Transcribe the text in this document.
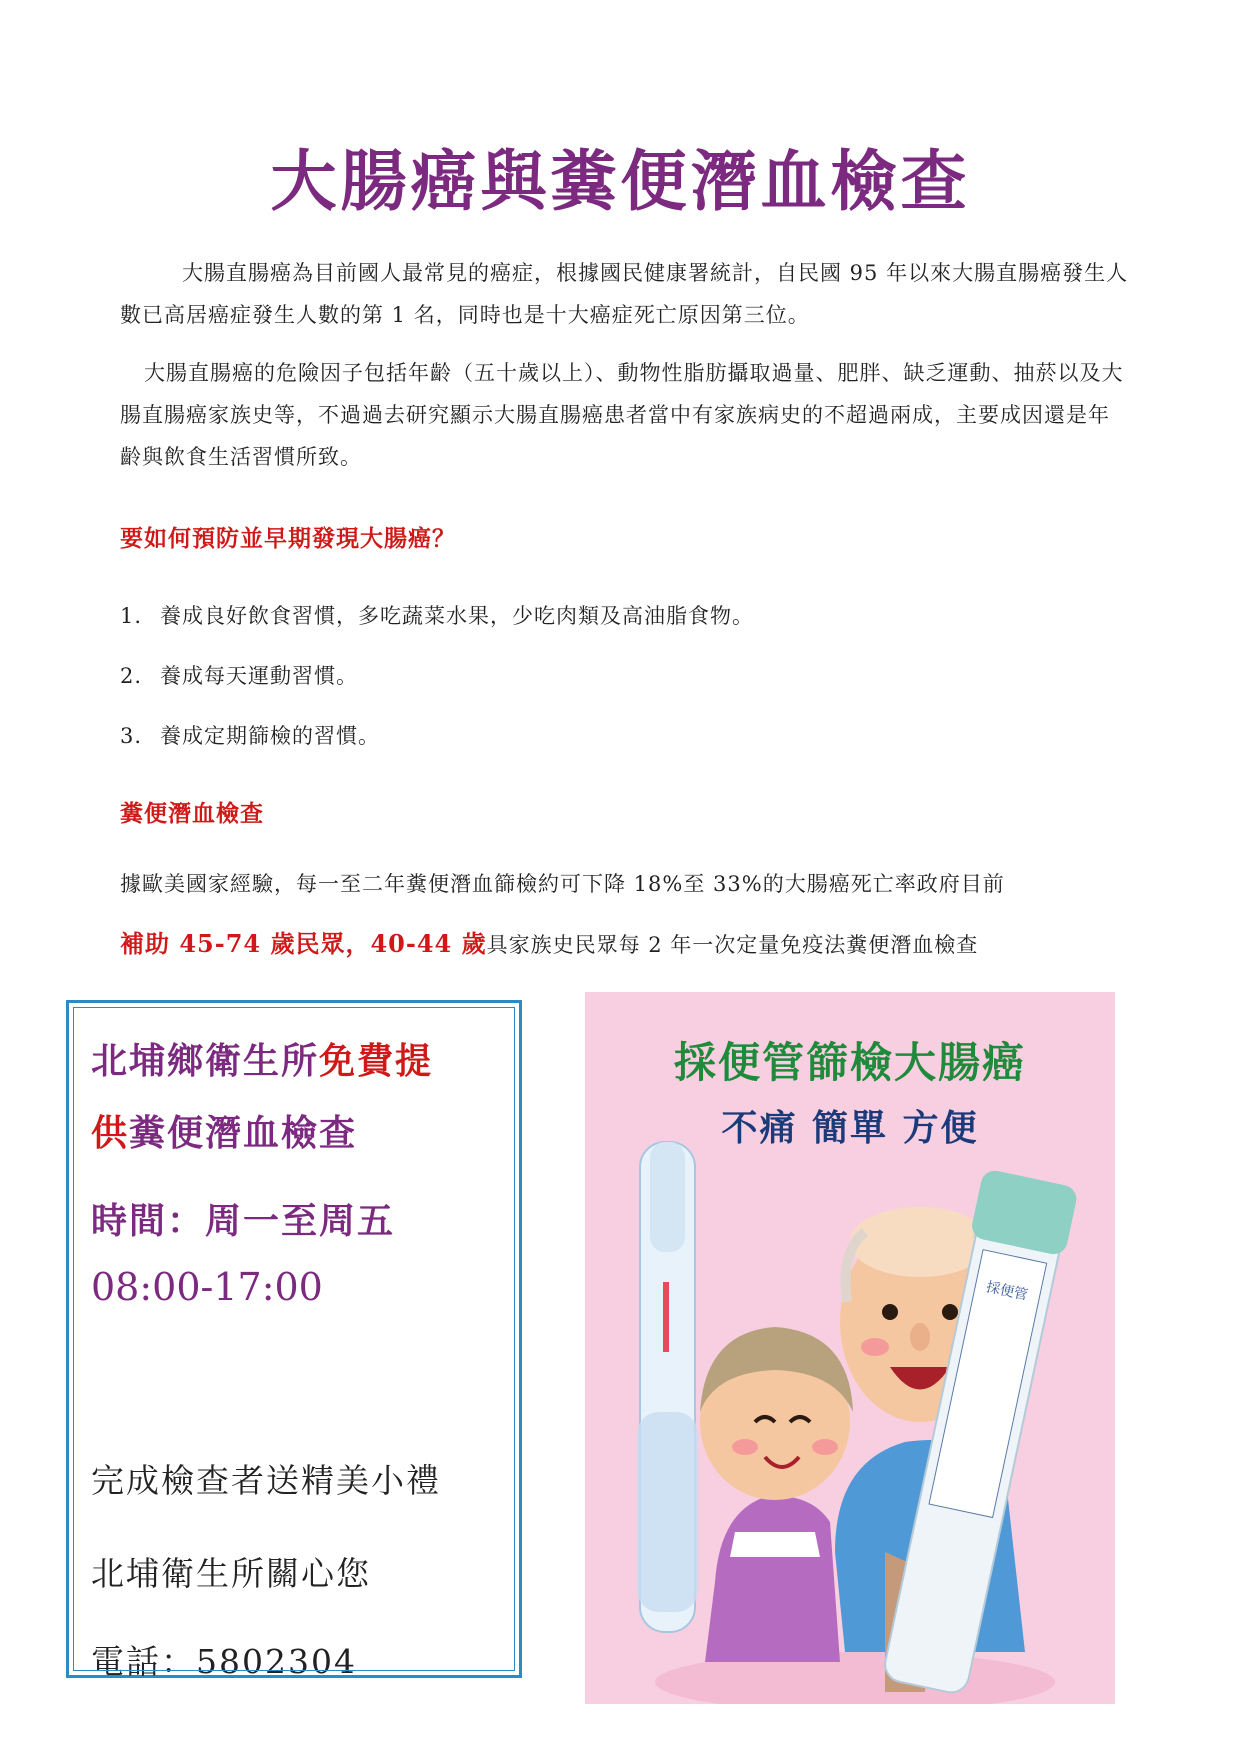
大腸癌與糞便潛血檢查
大腸直腸癌為目前國人最常見的癌症，根據國民健康署統計，自民國 95 年以來大腸直腸癌發生人數已高居癌症發生人數的第 1 名，同時也是十大癌症死亡原因第三位。
大腸直腸癌的危險因子包括年齡（五十歲以上）、動物性脂肪攝取過量、肥胖、缺乏運動、抽菸以及大腸直腸癌家族史等，不過過去研究顯示大腸直腸癌患者當中有家族病史的不超過兩成，主要成因還是年齡與飲食生活習慣所致。
要如何預防並早期發現大腸癌？
1. 養成良好飲食習慣，多吃蔬菜水果，少吃肉類及高油脂食物。
2. 養成每天運動習慣。
3. 養成定期篩檢的習慣。
糞便潛血檢查
據歐美國家經驗，每一至二年糞便潛血篩檢約可下降 18%至 33%的大腸癌死亡率政府目前
補助 45-74 歲民眾，40-44 歲具家族史民眾每 2 年一次定量免疫法糞便潛血檢查
北埔鄉衛生所免費提
供糞便潛血檢查
時間：周一至周五
08:00-17:00
完成檢查者送精美小禮
北埔衛生所關心您
電話：5802304
採便管
採便管篩檢大腸癌
不痛 簡單 方便
